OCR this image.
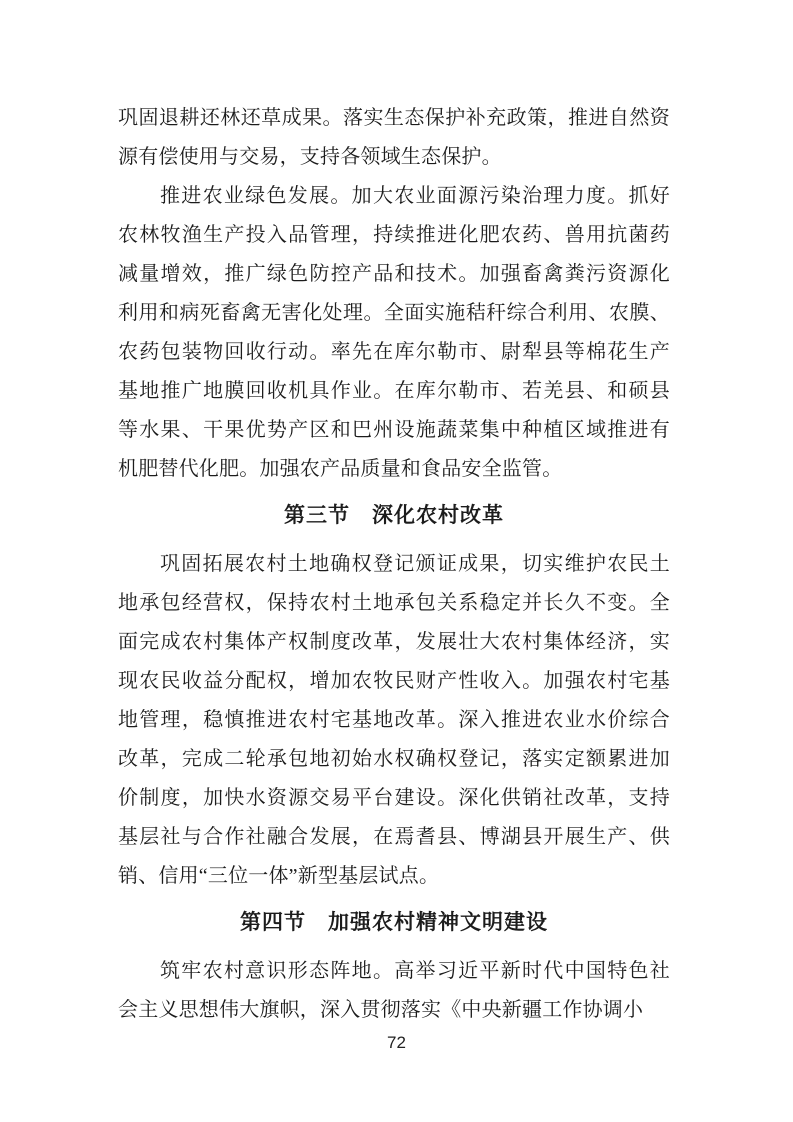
巩固退耕还林还草成果。落实生态保护补充政策，推进自然资
源有偿使用与交易，支持各领域生态保护。
推进农业绿色发展。加大农业面源污染治理力度。抓好
农林牧渔生产投入品管理，持续推进化肥农药、兽用抗菌药
减量增效，推广绿色防控产品和技术。加强畜禽粪污资源化
利用和病死畜禽无害化处理。全面实施秸秆综合利用、农膜、
农药包装物回收行动。率先在库尔勒市、尉犁县等棉花生产
基地推广地膜回收机具作业。在库尔勒市、若羌县、和硕县
等水果、干果优势产区和巴州设施蔬菜集中种植区域推进有
机肥替代化肥。加强农产品质量和食品安全监管。
第三节　深化农村改革
巩固拓展农村土地确权登记颁证成果，切实维护农民土
地承包经营权，保持农村土地承包关系稳定并长久不变。全
面完成农村集体产权制度改革，发展壮大农村集体经济，实
现农民收益分配权，增加农牧民财产性收入。加强农村宅基
地管理，稳慎推进农村宅基地改革。深入推进农业水价综合
改革，完成二轮承包地初始水权确权登记，落实定额累进加
价制度，加快水资源交易平台建设。深化供销社改革，支持
基层社与合作社融合发展，在焉耆县、博湖县开展生产、供
销、信用“三位一体”新型基层试点。
第四节　加强农村精神文明建设
筑牢农村意识形态阵地。高举习近平新时代中国特色社
会主义思想伟大旗帜，深入贯彻落实《中央新疆工作协调小
72
